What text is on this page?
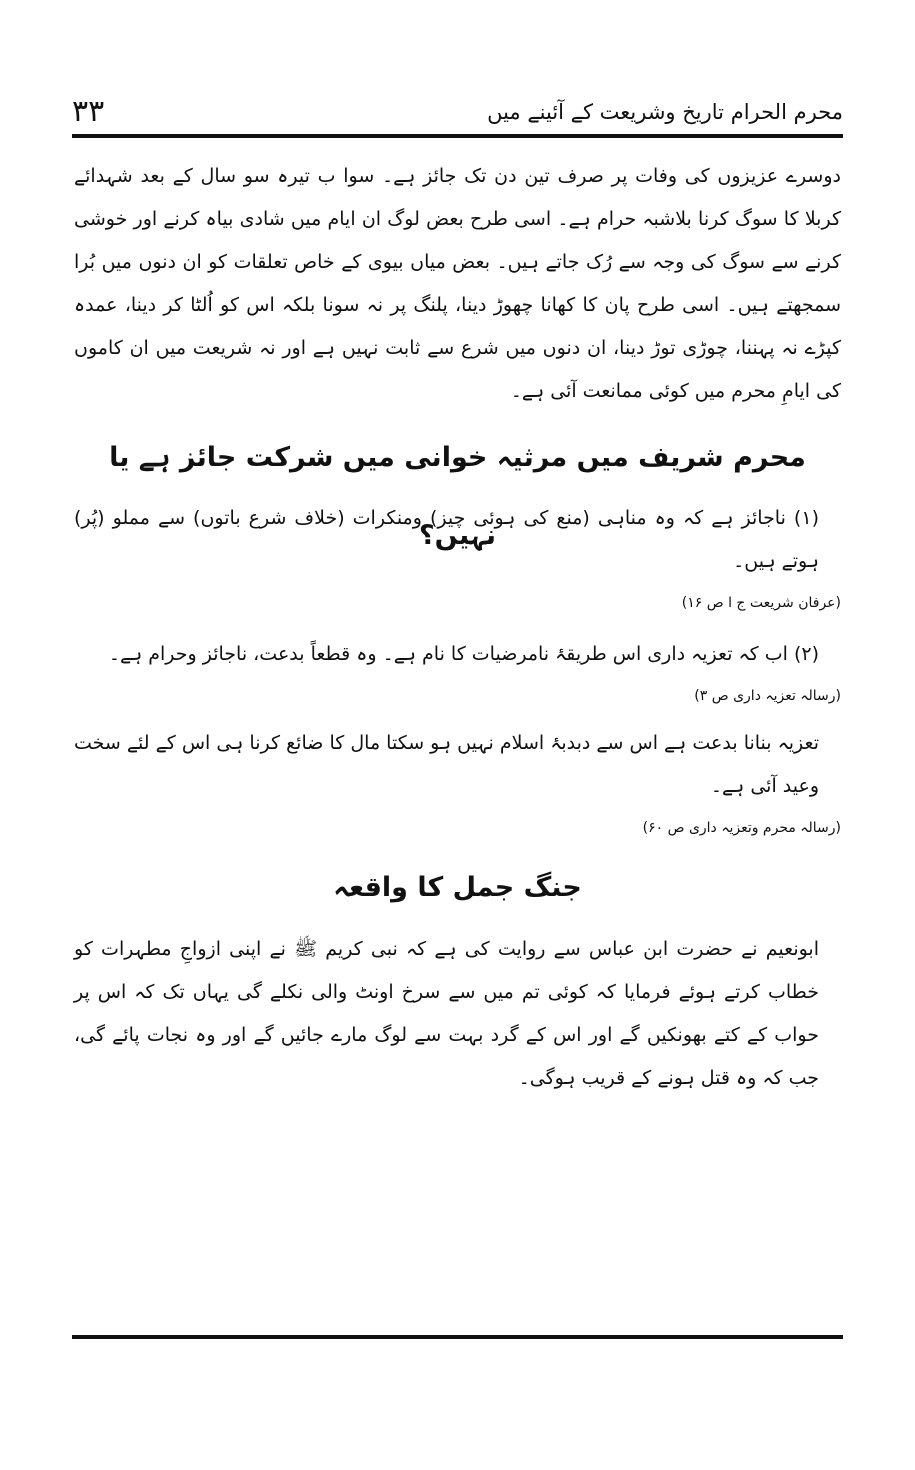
۳۳	محرم الحرام تاریخ وشریعت کے آئینے میں

دوسرے عزیزوں کی وفات پر صرف تین دن تک جائز ہے۔ سوا ب تیرہ سو سال کے بعد شہدائے کربلا کا سوگ کرنا بلاشبہ حرام ہے۔ اسی طرح بعض لوگ ان ایام میں شادی بیاہ کرنے اور خوشی کرنے سے سوگ کی وجہ سے رُک جاتے ہیں۔ بعض میاں بیوی کے خاص تعلقات کو ان دنوں میں بُرا سمجھتے ہیں۔ اسی طرح پان کا کھانا چھوڑ دینا، پلنگ پر نہ سونا بلکہ اس کو اُلٹا کر دینا، عمدہ کپڑے نہ پہننا، چوڑی توڑ دینا، ان دنوں میں شرع سے ثابت نہیں ہے اور نہ شریعت میں ان کاموں کی ایامِ محرم میں کوئی ممانعت آئی ہے۔

محرم شریف میں مرثیہ خوانی میں شرکت جائز ہے یا نہیں؟
(۱) ناجائز ہے کہ وہ مناہی (منع کی ہوئی چیز) ومنکرات (خلاف شرع باتوں) سے مملو (پُر) ہوتے ہیں۔
(عرفان شریعت ج ا ص ۱۶)
(۲) اب کہ تعزیہ داری اس طریقۂ نامرضیات کا نام ہے۔ وہ قطعاً بدعت، ناجائز وحرام ہے۔
(رسالہ تعزیہ داری ص ۳)
تعزیہ بنانا بدعت ہے اس سے دبدبۂ اسلام نہیں ہو سکتا مال کا ضائع کرنا ہی اس کے لئے سخت وعید آئی ہے۔
(رسالہ محرم وتعزیہ داری ص ۶۰)
جنگ جمل کا واقعہ

ابونعیم نے حضرت ابن عباس سے روایت کی ہے کہ نبی کریم ﷺ نے اپنی ازواجِ مطہرات کو خطاب کرتے ہوئے فرمایا کہ کوئی تم میں سے سرخ اونٹ والی نکلے گی یہاں تک کہ اس پر حواب کے کتے بھونکیں گے اور اس کے گرد بہت سے لوگ مارے جائیں گے اور وہ نجات پائے گی، جب کہ وہ قتل ہونے کے قریب ہوگی۔
